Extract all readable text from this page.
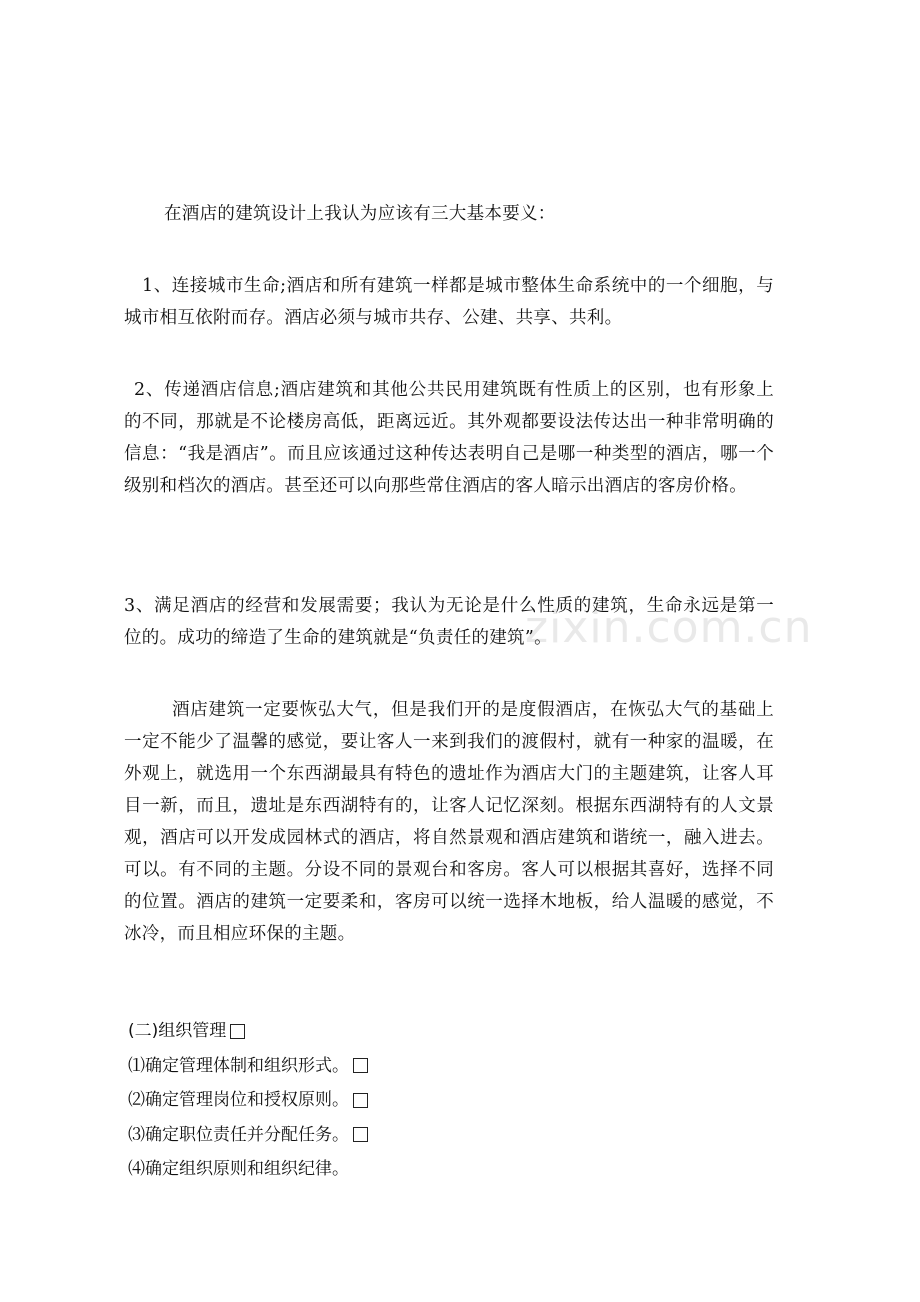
zixin.com.cn

在酒店的建筑设计上我认为应该有三大基本要义：

1、连接城市生命;酒店和所有建筑一样都是城市整体生命系统中的一个细胞，与城市相互依附而存。酒店必须与城市共存、公建、共享、共利。

2、传递酒店信息;酒店建筑和其他公共民用建筑既有性质上的区别，也有形象上的不同，那就是不论楼房高低，距离远近。其外观都要设法传达出一种非常明确的信息：“我是酒店”。而且应该通过这种传达表明自己是哪一种类型的酒店，哪一个级别和档次的酒店。甚至还可以向那些常住酒店的客人暗示出酒店的客房价格。

3、满足酒店的经营和发展需要；我认为无论是什么性质的建筑，生命永远是第一位的。成功的缔造了生命的建筑就是“负责任的建筑”。

酒店建筑一定要恢弘大气，但是我们开的是度假酒店，在恢弘大气的基础上一定不能少了温馨的感觉，要让客人一来到我们的渡假村，就有一种家的温暖，在外观上，就选用一个东西湖最具有特色的遗址作为酒店大门的主题建筑，让客人耳目一新，而且，遗址是东西湖特有的，让客人记忆深刻。根据东西湖特有的人文景观，酒店可以开发成园林式的酒店，将自然景观和酒店建筑和谐统一，融入进去。可以。有不同的主题。分设不同的景观台和客房。客人可以根据其喜好，选择不同的位置。酒店的建筑一定要柔和，客房可以统一选择木地板，给人温暖的感觉，不冰冷，而且相应环保的主题。

(二)组织管理
⑴确定管理体制和组织形式。
⑵确定管理岗位和授权原则。
⑶确定职位责任并分配任务。
⑷确定组织原则和组织纪律。
